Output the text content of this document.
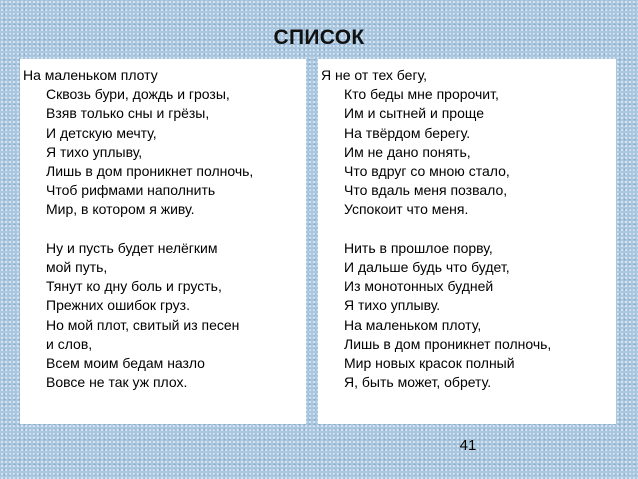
СПИСОК
На маленьком плоту
Сквозь бури, дождь и грозы,
Взяв только сны и грёзы,
И детскую мечту,
Я тихо уплыву,
Лишь в дом проникнет полночь,
Чтоб рифмами наполнить
Мир, в котором я живу.
Ну и пусть будет нелёгким
мой путь,
Тянут ко дну боль и грусть,
Прежних ошибок груз.
Но мой плот, свитый из песен
и слов,
Всем моим бедам назло
Вовсе не так уж плох.
Я не от тех бегу,
Кто беды мне пророчит,
Им и сытней и проще
На твёрдом берегу.
Им не дано понять,
Что вдруг со мною стало,
Что вдаль меня позвало,
Успокоит что меня.
Нить в прошлое порву,
И дальше будь что будет,
Из монотонных будней
Я тихо уплыву.
На маленьком плоту,
Лишь в дом проникнет полночь,
Мир новых красок полный
Я, быть может, обрету.
41
